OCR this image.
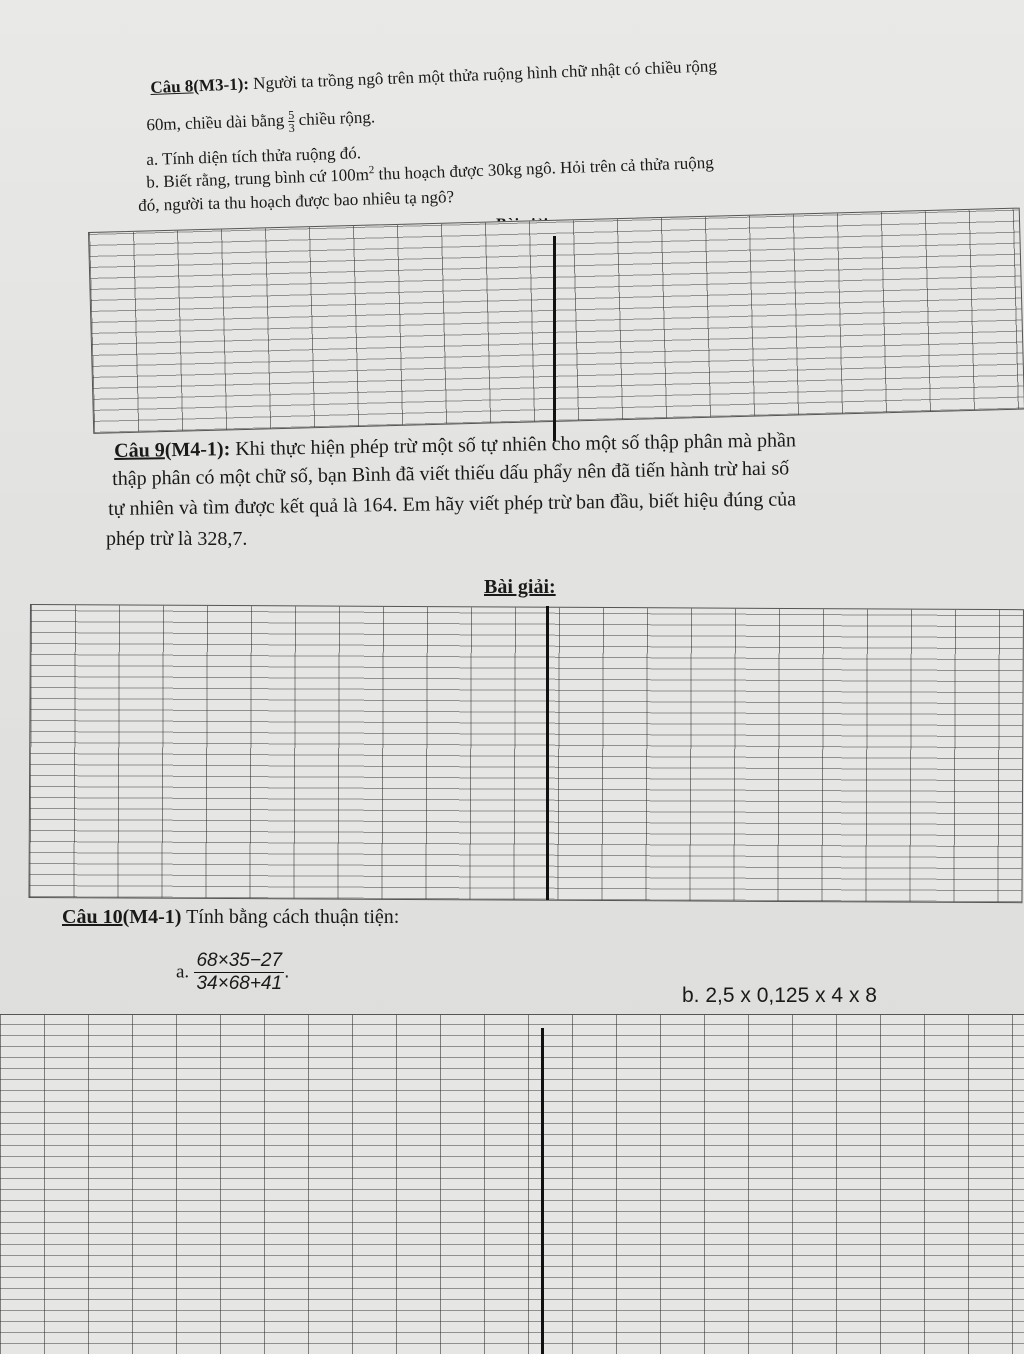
Câu 8(M3-1): Người ta trồng ngô trên một thửa ruộng hình chữ nhật có chiều rộng
60m, chiều dài bằng $\frac{5}{3}$ chiều rộng.
a. Tính diện tích thửa ruộng đó.
b. Biết rằng, trung bình cứ $100m^2$ thu hoạch được 30kg ngô. Hỏi trên cả thửa ruộng
đó, người ta thu hoạch được bao nhiêu tạ ngô?
Câu 9(M4-1): Khi thực hiện phép trừ một số tự nhiên cho một số thập phân mà phần
thập phân có một chữ số, bạn Bình đã viết thiếu dấu phẩy nên đã tiến hành trừ hai số
tự nhiên và tìm được kết quả là 164. Em hãy viết phép trừ ban đầu, biết hiệu đúng của
phép trừ là 328,7.
Bài giải:
Câu 10(M4-1) Tính bằng cách thuận tiện:
a. $\frac{68\times 35-27}{34\times 68+41}$ .
b. 2,5 x 0,125 x 4 x 8
